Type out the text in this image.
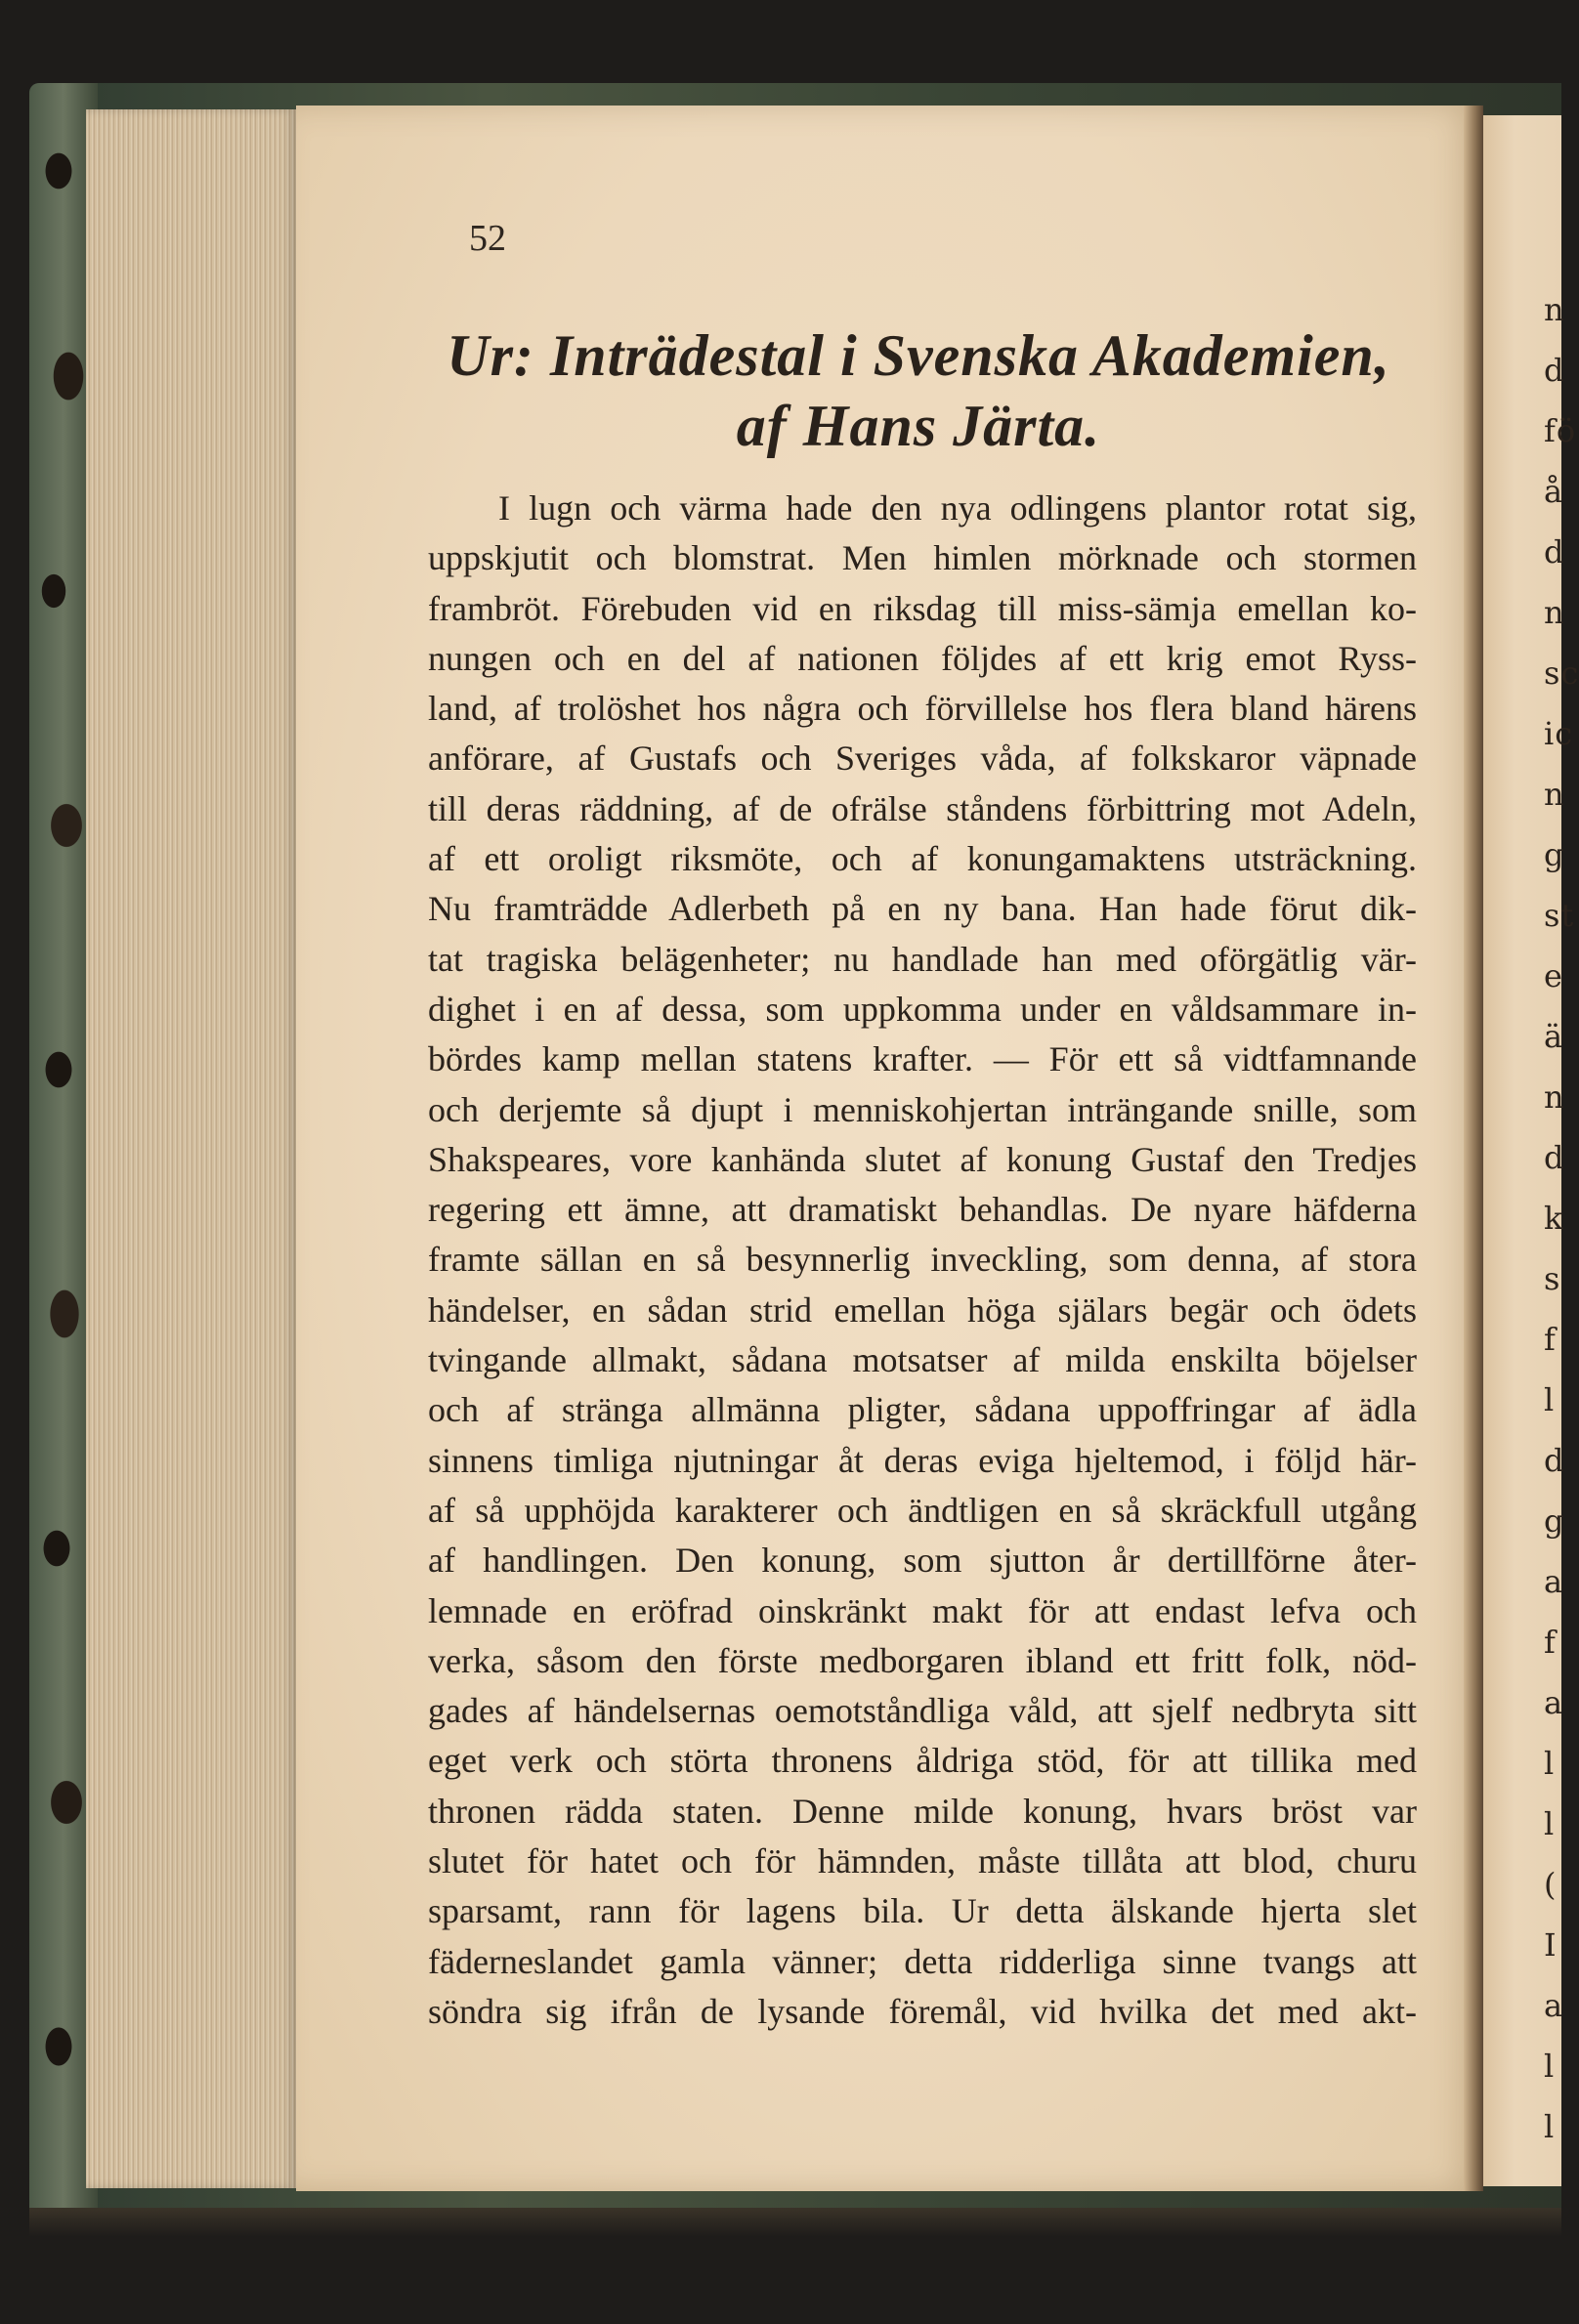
n
d
fö
å
d
n
sc
ic
n
g
st
e
ä
n
d
k
s
f
l
d
g
a
f
a
l
l
(
I
a
l
l
52
Ur: Inträdestal i Svenska Akademien,
af Hans Järta.
I lugn och värma hade den nya odlingens plantor rotat sig,
uppskjutit och blomstrat. Men himlen mörknade och stormen
frambröt. Förebuden vid en riksdag till miss-sämja emellan ko-
nungen och en del af nationen följdes af ett krig emot Ryss-
land, af trolöshet hos några och förvillelse hos flera bland härens
anförare, af Gustafs och Sveriges våda, af folkskaror väpnade
till deras räddning, af de ofrälse ståndens förbittring mot Adeln,
af ett oroligt riksmöte, och af konungamaktens utsträckning.
Nu framträdde Adlerbeth på en ny bana. Han hade förut dik-
tat tragiska belägenheter; nu handlade han med oförgätlig vär-
dighet i en af dessa, som uppkomma under en våldsammare in-
bördes kamp mellan statens krafter. — För ett så vidtfamnande
och derjemte så djupt i menniskohjertan inträngande snille, som
Shakspeares, vore kanhända slutet af konung Gustaf den Tredjes
regering ett ämne, att dramatiskt behandlas. De nyare häfderna
framte sällan en så besynnerlig inveckling, som denna, af stora
händelser, en sådan strid emellan höga själars begär och ödets
tvingande allmakt, sådana motsatser af milda enskilta böjelser
och af stränga allmänna pligter, sådana uppoffringar af ädla
sinnens timliga njutningar åt deras eviga hjeltemod, i följd här-
af så upphöjda karakterer och ändtligen en så skräckfull utgång
af handlingen. Den konung, som sjutton år dertillförne åter-
lemnade en eröfrad oinskränkt makt för att endast lefva och
verka, såsom den förste medborgaren ibland ett fritt folk, nöd-
gades af händelsernas oemotståndliga våld, att sjelf nedbryta sitt
eget verk och störta thronens åldriga stöd, för att tillika med
thronen rädda staten. Denne milde konung, hvars bröst var
slutet för hatet och för hämnden, måste tillåta att blod, churu
sparsamt, rann för lagens bila. Ur detta älskande hjerta slet
fäderneslandet gamla vänner; detta ridderliga sinne tvangs att
söndra sig ifrån de lysande föremål, vid hvilka det med akt-
